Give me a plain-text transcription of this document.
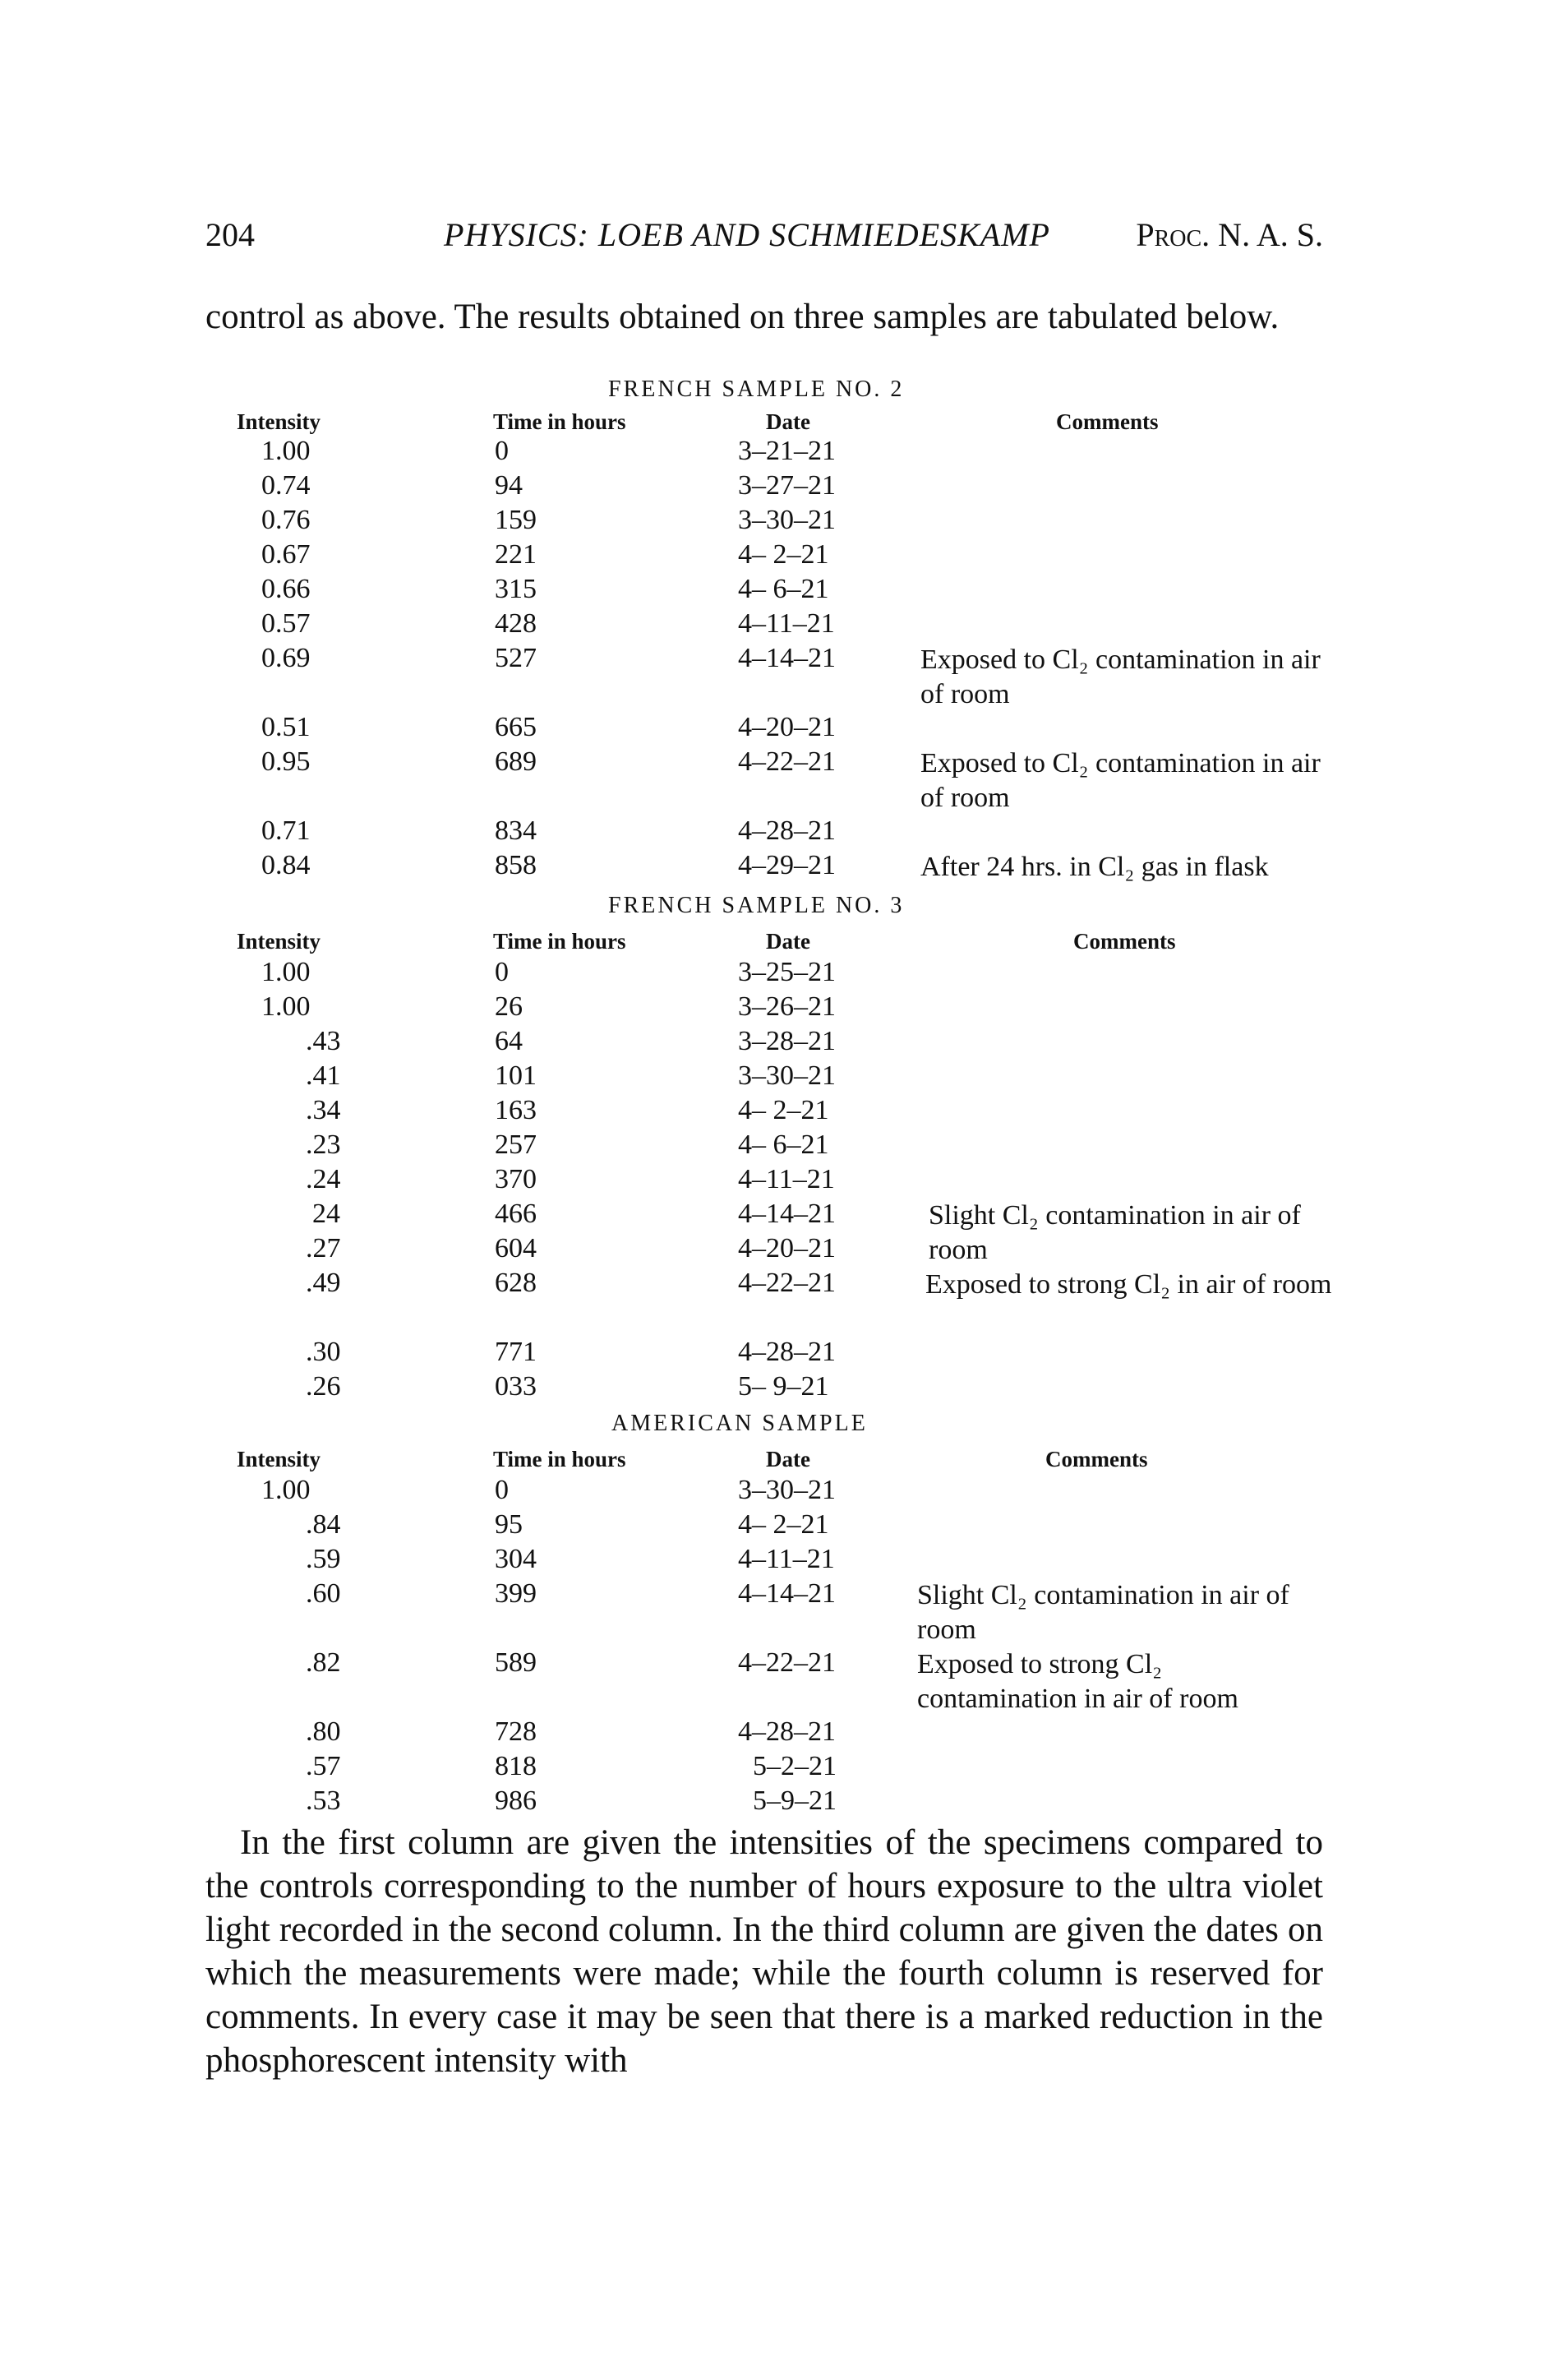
204	PHYSICS: LOEB AND SCHMIEDESKAMP	Proc. N. A. S.

control as above. The results obtained on three samples are tabulated below.

FRENCH SAMPLE NO. 2
Intensity	Time in hours	Date	Comments
1.00	0	3–21–21
0.74	94	3–27–21
0.76	159	3–30–21
0.67	221	4– 2–21
0.66	315	4– 6–21
0.57	428	4–11–21
0.69	527	4–14–21	Exposed to Cl₂ contamination in air of room
0.51	665	4–20–21
0.95	689	4–22–21	Exposed to Cl₂ contamination in air of room
0.71	834	4–28–21
0.84	858	4–29–21	After 24 hrs. in Cl₂ gas in flask
FRENCH SAMPLE NO. 3
Intensity	Time in hours	Date	Comments
1.00	0	3–25–21
1.00	26	3–26–21
.43	64	3–28–21
.41	101	3–30–21
.34	163	4– 2–21
.23	257	4– 6–21
.24	370	4–11–21
24	466	4–14–21	Slight Cl₂ contamination in air of room
.27	604	4–20–21
.49	628	4–22–21	Exposed to strong Cl₂ in air of room
.30	771	4–28–21
.26	033	5– 9–21
AMERICAN SAMPLE
Intensity	Time in hours	Date	Comments
1.00	0	3–30–21
.84	95	4– 2–21
.59	304	4–11–21
.60	399	4–14–21	Slight Cl₂ contamination in air of room
.82	589	4–22–21	Exposed to strong Cl₂ contamination in air of room
.80	728	4–28–21
.57	818	5–2–21
.53	986	5–9–21

In the first column are given the intensities of the specimens compared to the controls corresponding to the number of hours exposure to the ultra violet light recorded in the second column. In the third column are given the dates on which the measurements were made; while the fourth column is reserved for comments. In every case it may be seen that there is a marked reduction in the phosphorescent intensity with
